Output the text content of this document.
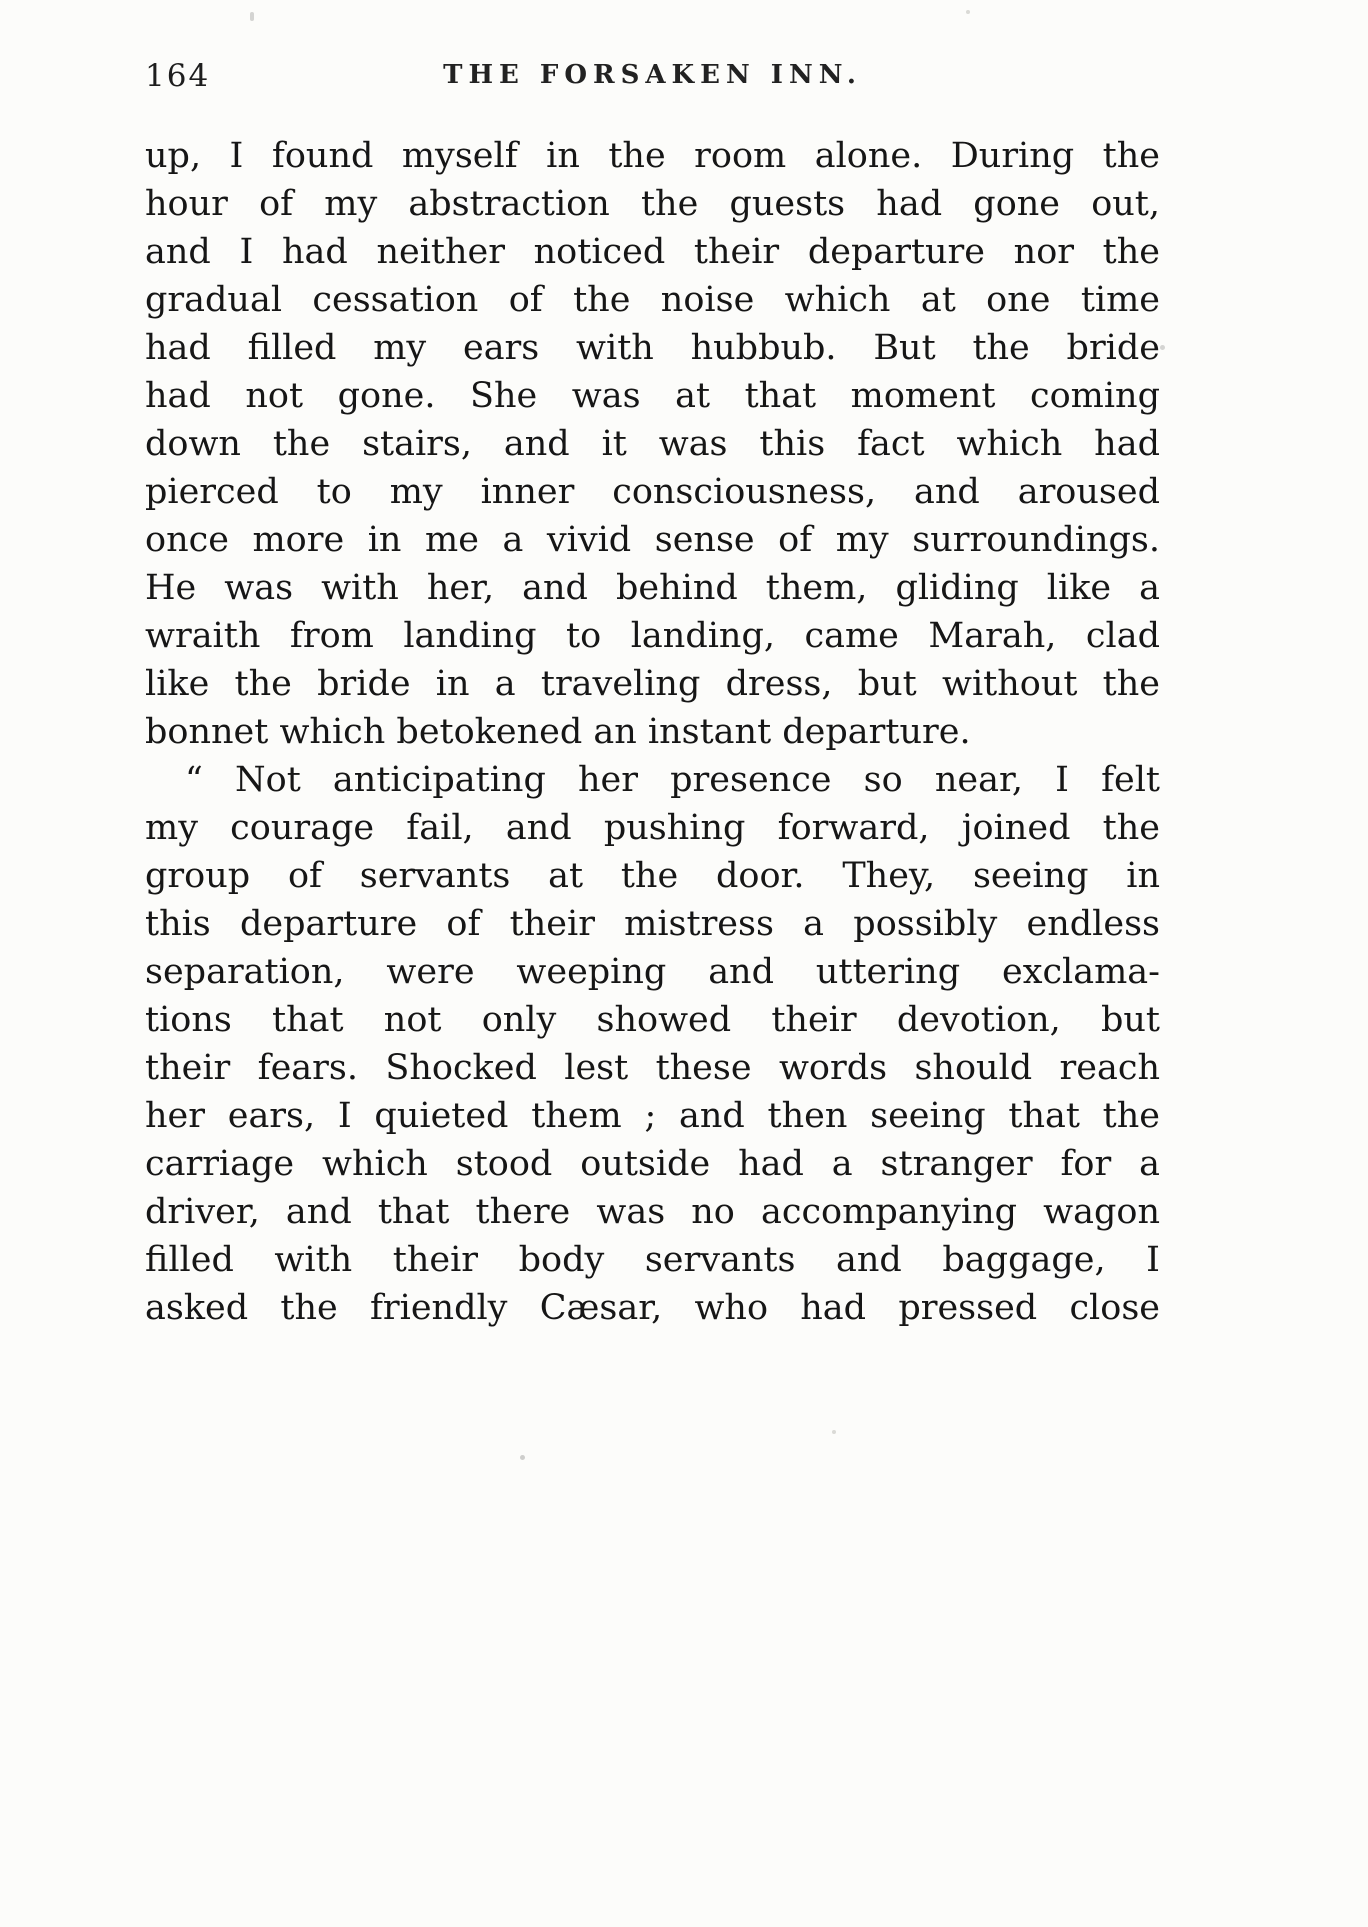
164	THE FORSAKEN INN.
up, I found myself in the room alone. During the
hour of my abstraction the guests had gone out,
and I had neither noticed their departure nor the
gradual cessation of the noise which at one time
had filled my ears with hubbub. But the bride
had not gone. She was at that moment coming
down the stairs, and it was this fact which had
pierced to my inner consciousness, and aroused
once more in me a vivid sense of my surroundings.
He was with her, and behind them, gliding like a
wraith from landing to landing, came Marah, clad
like the bride in a traveling dress, but without the
bonnet which betokened an instant departure.
“ Not anticipating her presence so near, I felt
my courage fail, and pushing forward, joined the
group of servants at the door. They, seeing in
this departure of their mistress a possibly endless
separation, were weeping and uttering exclama-
tions that not only showed their devotion, but
their fears. Shocked lest these words should reach
her ears, I quieted them ; and then seeing that the
carriage which stood outside had a stranger for a
driver, and that there was no accompanying wagon
filled with their body servants and baggage, I
asked the friendly Cæsar, who had pressed close
